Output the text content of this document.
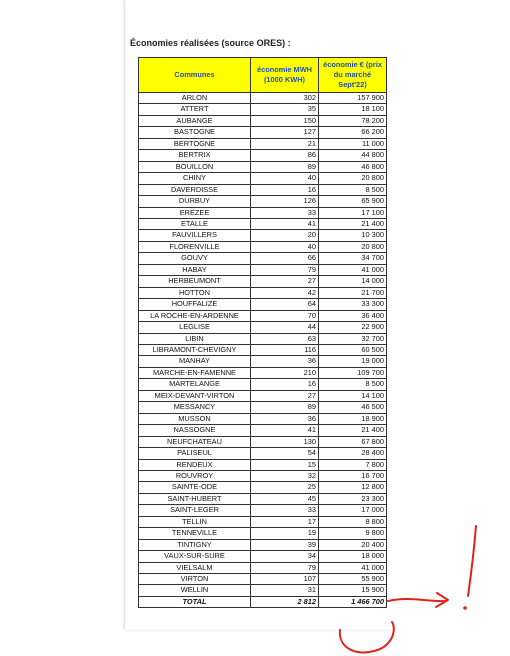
Économies réalisées (source ORES) :
Communes	économie MWH (1000 KWH)	économie € (prix du marché Sept'22)
ARLON	302	157 900
ATTERT	35	18 100
AUBANGE	150	78 200
BASTOGNE	127	66 200
BERTOGNE	21	11 000
BERTRIX	86	44 800
BOUILLON	89	46 800
CHINY	40	20 800
DAVERDISSE	16	8 500
DURBUY	126	65 900
EREZEE	33	17 100
ETALLE	41	21 400
FAUVILLERS	20	10 300
FLORENVILLE	40	20 800
GOUVY	66	34 700
HABAY	79	41 000
HERBEUMONT	27	14 000
HOTTON	42	21 700
HOUFFALIZE	64	33 300
LA ROCHE-EN-ARDENNE	70	36 400
LEGLISE	44	22 900
LIBIN	63	32 700
LIBRAMONT-CHEVIGNY	116	60 500
MANHAY	36	19 000
MARCHE-EN-FAMENNE	210	109 700
MARTELANGE	16	8 500
MEIX-DEVANT-VIRTON	27	14 100
MESSANCY	89	46 500
MUSSON	36	18 900
NASSOGNE	41	21 400
NEUFCHATEAU	130	67 800
PALISEUL	54	28 400
RENDEUX	15	7 800
ROUVROY	32	16 700
SAINTE-ODE	25	12 800
SAINT-HUBERT	45	23 300
SAINT-LEGER	33	17 000
TELLIN	17	8 800
TENNEVILLE	19	9 800
TINTIGNY	39	20 400
VAUX-SUR-SURE	34	18 000
VIELSALM	79	41 000
VIRTON	107	55 900
WELLIN	31	15 900
TOTAL	2 812	1 466 700
